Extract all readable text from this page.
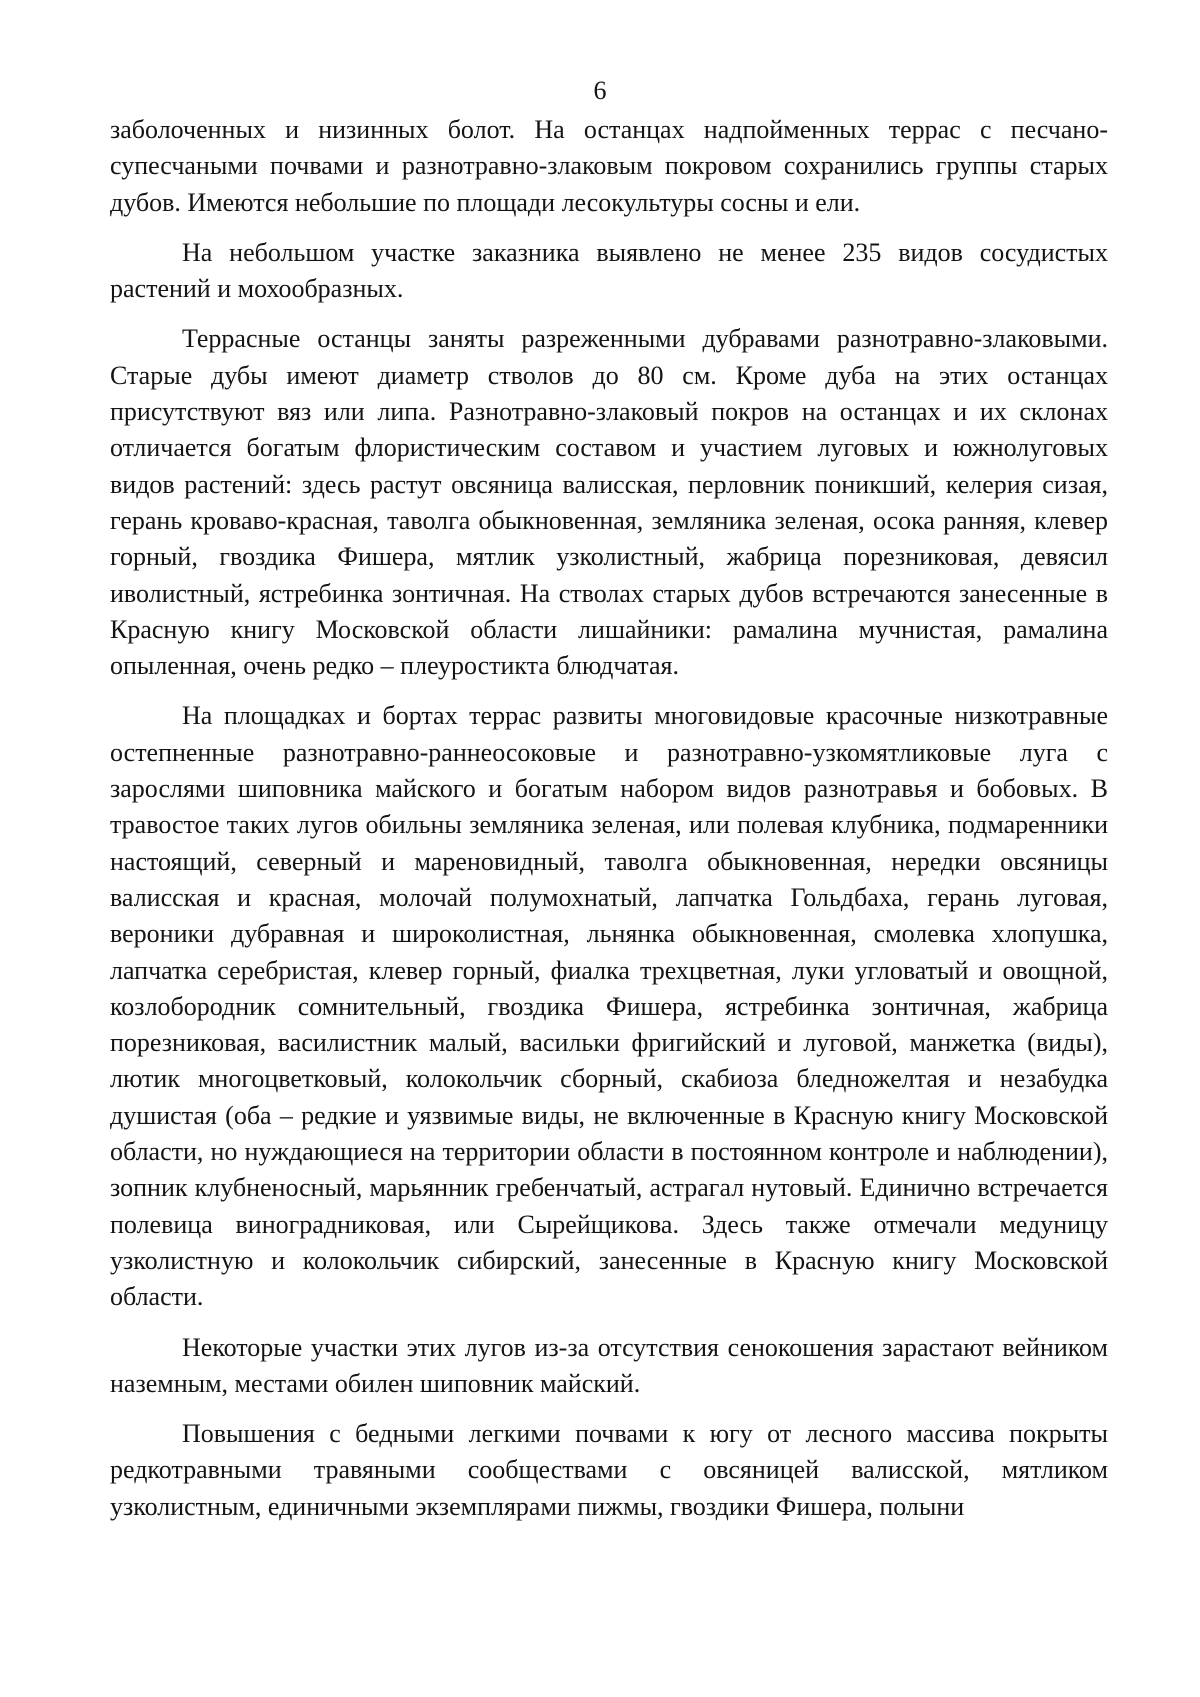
6

заболоченных и низинных болот. На останцах надпойменных террас с песчано-супесчаными почвами и разнотравно-злаковым покровом сохранились группы старых дубов. Имеются небольшие по площади лесокультуры сосны и ели.

На небольшом участке заказника выявлено не менее 235 видов сосудистых растений и мохообразных.

Террасные останцы заняты разреженными дубравами разнотравно-злаковыми. Старые дубы имеют диаметр стволов до 80 см. Кроме дуба на этих останцах присутствуют вяз или липа. Разнотравно-злаковый покров на останцах и их склонах отличается богатым флористическим составом и участием луговых и южнолуговых видов растений: здесь растут овсяница валисская, перловник поникший, келерия сизая, герань кроваво-красная, таволга обыкновенная, земляника зеленая, осока ранняя, клевер горный, гвоздика Фишера, мятлик узколистный, жабрица порезниковая, девясил иволистный, ястребинка зонтичная. На стволах старых дубов встречаются занесенные в Красную книгу Московской области лишайники: рамалина мучнистая, рамалина опыленная, очень редко – плеуростикта блюдчатая.

На площадках и бортах террас развиты многовидовые красочные низкотравные остепненные разнотравно-раннеосоковые и разнотравно-узкомятликовые луга с зарослями шиповника майского и богатым набором видов разнотравья и бобовых. В травостое таких лугов обильны земляника зеленая, или полевая клубника, подмаренники настоящий, северный и мареновидный, таволга обыкновенная, нередки овсяницы валисская и красная, молочай полумохнатый, лапчатка Гольдбаха, герань луговая, вероники дубравная и широколистная, льнянка обыкновенная, смолевка хлопушка, лапчатка серебристая, клевер горный, фиалка трехцветная, луки угловатый и овощной, козлобородник сомнительный, гвоздика Фишера, ястребинка зонтичная, жабрица порезниковая, василистник малый, васильки фригийский и луговой, манжетка (виды), лютик многоцветковый, колокольчик сборный, скабиоза бледножелтая и незабудка душистая (оба – редкие и уязвимые виды, не включенные в Красную книгу Московской области, но нуждающиеся на территории области в постоянном контроле и наблюдении), зопник клубненосный, марьянник гребенчатый, астрагал нутовый. Единично встречается полевица виноградниковая, или Сырейщикова. Здесь также отмечали медуницу узколистную и колокольчик сибирский, занесенные в Красную книгу Московской области.

Некоторые участки этих лугов из-за отсутствия сенокошения зарастают вейником наземным, местами обилен шиповник майский.

Повышения с бедными легкими почвами к югу от лесного массива покрыты редкотравными травяными сообществами с овсяницей валисской, мятликом узколистным, единичными экземплярами пижмы, гвоздики Фишера, полыни
